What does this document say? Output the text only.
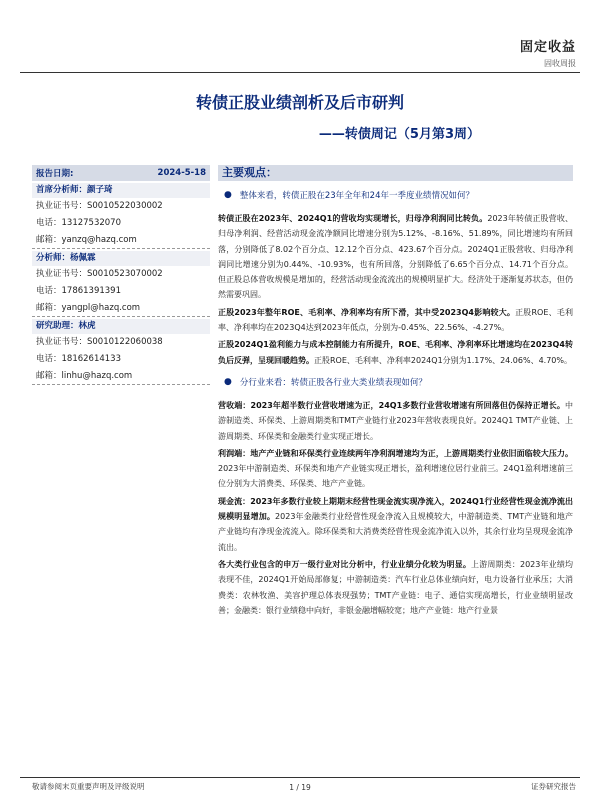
固定收益
固收周报
转债正股业绩剖析及后市研判
——转债周记（5月第3周）
报告日期:	2024-5-18
首席分析师：颜子琦
执业证书号：S0010522030002
电话：13127532070
邮箱：yanzq@hazq.com
分析师：杨佩霖
执业证书号：S0010523070002
电话：17861391391
邮箱：yangpl@hazq.com
研究助理：林虎
执业证书号：S0010122060038
电话：18162614133
邮箱：linhu@hazq.com
主要观点：
● 整体来看，转债正股在23年全年和24年一季度业绩情况如何？
转债正股在2023年、2024Q1的营收均实现增长，归母净利润同比转负。2023年转债正股营收、归母净利润、经营活动现金流净额同比增速分别为5.12%、-8.16%、51.89%，同比增速均有所回落，分别降低了8.02个百分点、12.12个百分点、423.67个百分点。2024Q1正股营收、归母净利润同比增速分别为0.44%、-10.93%，也有所回落，分别降低了6.65个百分点、14.71个百分点。但正股总体营收规模是增加的，经营活动现金流流出的规模明显扩大。经济处于逐渐复苏状态，但仍然需要巩固。
正股2023年整年ROE、毛利率、净利率均有所下滑，其中受2023Q4影响较大。正股ROE、毛利率、净利率均在2023Q4达到2023年低点，分别为-0.45%、22.56%、-4.27%。
正股2024Q1盈利能力与成本控制能力有所提升，ROE、毛利率、净利率环比增速均在2023Q4转负后反弹，呈现回暖趋势。正股ROE、毛利率、净利率2024Q1分别为1.17%、24.06%、4.70%。
● 分行业来看：转债正股各行业大类业绩表现如何？
营收端：2023年超半数行业营收增速为正，24Q1多数行业营收增速有所回落但仍保持正增长。中游制造类、环保类、上游周期类和TMT产业链行业2023年营收表现良好。2024Q1 TMT产业链、上游周期类、环保类和金融类行业实现正增长。
利润端：地产产业链和环保类行业连续两年净利润增速均为正，上游周期类行业依旧面临较大压力。2023年中游制造类、环保类和地产产业链实现正增长，盈利增速位居行业前三。24Q1盈利增速前三位分别为大消费类、环保类、地产产业链。
现金流：2023年多数行业较上期期末经营性现金流实现净流入，2024Q1行业经营性现金流净流出规模明显增加。2023年金融类行业经营性现金净流入且规模较大，中游制造类、TMT产业链和地产产业链均有净现金流流入。除环保类和大消费类经营性现金流净流入以外，其余行业均呈现现金流净流出。
各大类行业包含的申万一级行业对比分析中，行业业绩分化较为明显。上游周期类：2023年业绩均表现不佳，2024Q1开始局部修复；中游制造类：汽车行业总体业绩向好，电力设备行业承压；大消费类：农林牧渔、美容护理总体表现强势；TMT产业链：电子、通信实现高增长，行业业绩明显改善；金融类：银行业绩稳中向好，非银金融增幅较宽；地产产业链：地产行业景
敬请参阅末页重要声明及评级说明	1 / 19	证券研究报告
